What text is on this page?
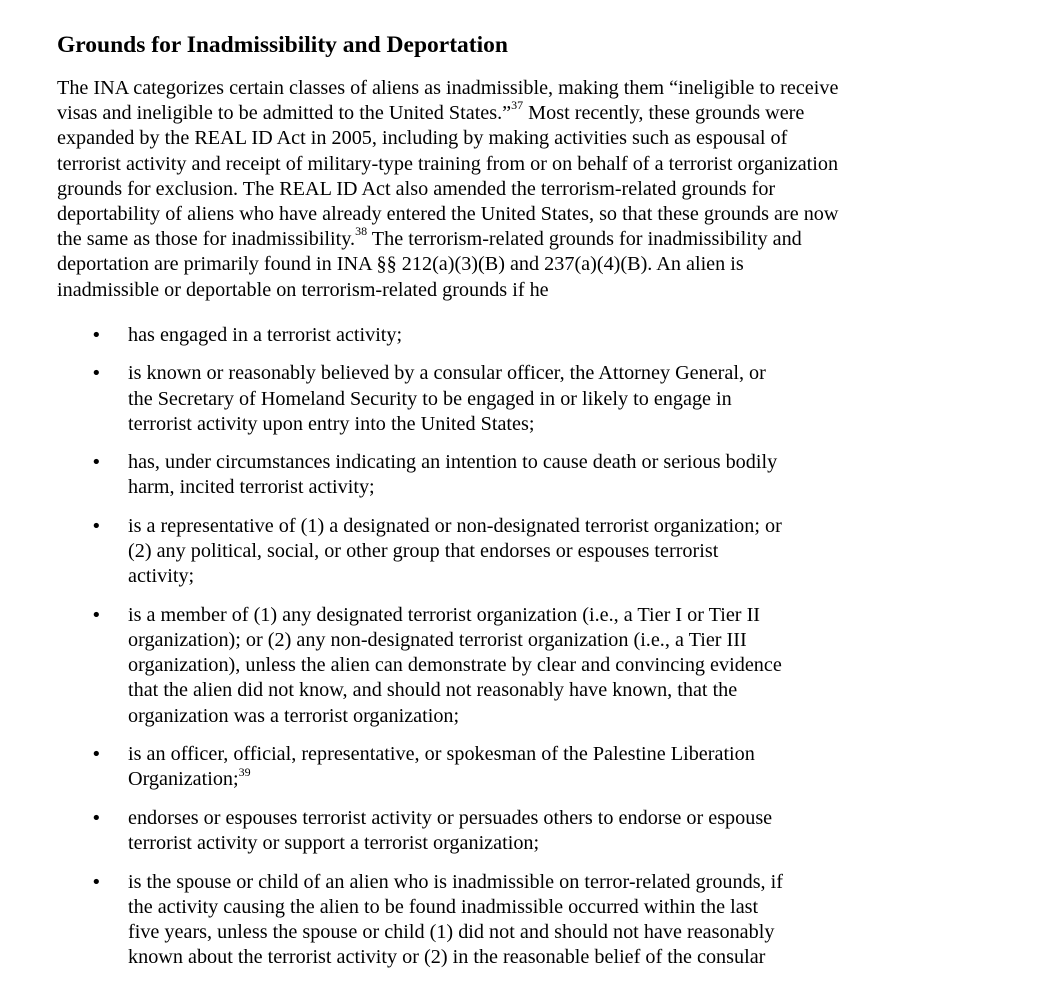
Grounds for Inadmissibility and Deportation

The INA categorizes certain classes of aliens as inadmissible, making them “ineligible to receive
visas and ineligible to be admitted to the United States.”$^{37}$ Most recently, these grounds were
expanded by the REAL ID Act in 2005, including by making activities such as espousal of
terrorist activity and receipt of military-type training from or on behalf of a terrorist organization
grounds for exclusion. The REAL ID Act also amended the terrorism-related grounds for
deportability of aliens who have already entered the United States, so that these grounds are now
the same as those for inadmissibility.$^{38}$ The terrorism-related grounds for inadmissibility and
deportation are primarily found in INA §§ 212(a)(3)(B) and 237(a)(4)(B). An alien is
inadmissible or deportable on terrorism-related grounds if he

• has engaged in a terrorist activity;
• is known or reasonably believed by a consular officer, the Attorney General, or
the Secretary of Homeland Security to be engaged in or likely to engage in
terrorist activity upon entry into the United States;
• has, under circumstances indicating an intention to cause death or serious bodily
harm, incited terrorist activity;
• is a representative of (1) a designated or non-designated terrorist organization; or
(2) any political, social, or other group that endorses or espouses terrorist
activity;
• is a member of (1) any designated terrorist organization (i.e., a Tier I or Tier II
organization); or (2) any non-designated terrorist organization (i.e., a Tier III
organization), unless the alien can demonstrate by clear and convincing evidence
that the alien did not know, and should not reasonably have known, that the
organization was a terrorist organization;
• is an officer, official, representative, or spokesman of the Palestine Liberation
Organization;$^{39}$
• endorses or espouses terrorist activity or persuades others to endorse or espouse
terrorist activity or support a terrorist organization;
• is the spouse or child of an alien who is inadmissible on terror-related grounds, if
the activity causing the alien to be found inadmissible occurred within the last
five years, unless the spouse or child (1) did not and should not have reasonably
known about the terrorist activity or (2) in the reasonable belief of the consular
